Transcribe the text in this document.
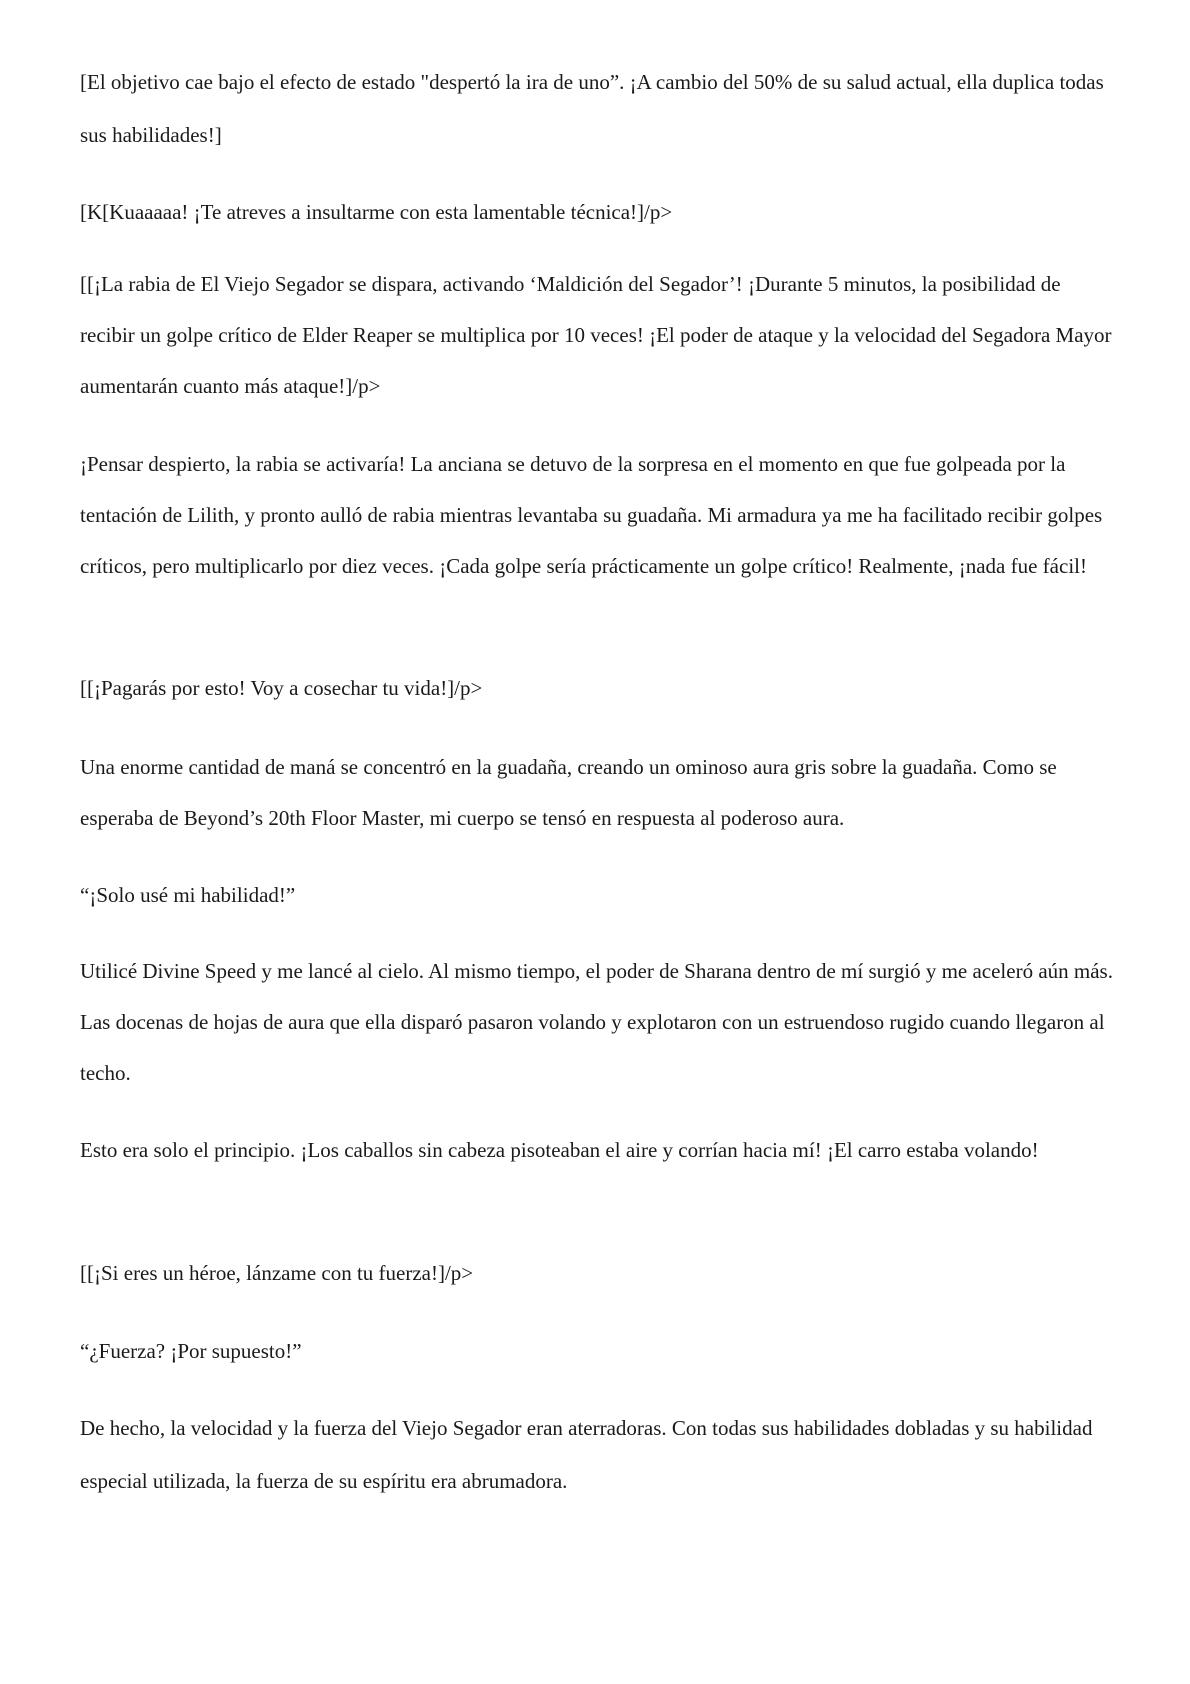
[El objetivo cae bajo el efecto de estado "despertó la ira de uno”. ¡A cambio del 50% de su salud actual, ella duplica todas sus habilidades!]

[K[Kuaaaaa! ¡Te atreves a insultarme con esta lamentable técnica!]/p>

[[¡La rabia de El Viejo Segador se dispara, activando ‘Maldición del Segador’! ¡Durante 5 minutos, la posibilidad de recibir un golpe crítico de Elder Reaper se multiplica por 10 veces! ¡El poder de ataque y la velocidad del Segadora Mayor aumentarán cuanto más ataque!]/p>

¡Pensar despierto, la rabia se activaría! La anciana se detuvo de la sorpresa en el momento en que fue golpeada por la tentación de Lilith, y pronto aulló de rabia mientras levantaba su guadaña. Mi armadura ya me ha facilitado recibir golpes críticos, pero multiplicarlo por diez veces. ¡Cada golpe sería prácticamente un golpe crítico! Realmente, ¡nada fue fácil!

[[¡Pagarás por esto! Voy a cosechar tu vida!]/p>

Una enorme cantidad de maná se concentró en la guadaña, creando un ominoso aura gris sobre la guadaña. Como se esperaba de Beyond’s 20th Floor Master, mi cuerpo se tensó en respuesta al poderoso aura.

“¡Solo usé mi habilidad!”

Utilicé Divine Speed y me lancé al cielo. Al mismo tiempo, el poder de Sharana dentro de mí surgió y me aceleró aún más. Las docenas de hojas de aura que ella disparó pasaron volando y explotaron con un estruendoso rugido cuando llegaron al techo.

Esto era solo el principio. ¡Los caballos sin cabeza pisoteaban el aire y corrían hacia mí! ¡El carro estaba volando!

[[¡Si eres un héroe, lánzame con tu fuerza!]/p>

“¿Fuerza? ¡Por supuesto!”

De hecho, la velocidad y la fuerza del Viejo Segador eran aterradoras. Con todas sus habilidades dobladas y su habilidad especial utilizada, la fuerza de su espíritu era abrumadora.
